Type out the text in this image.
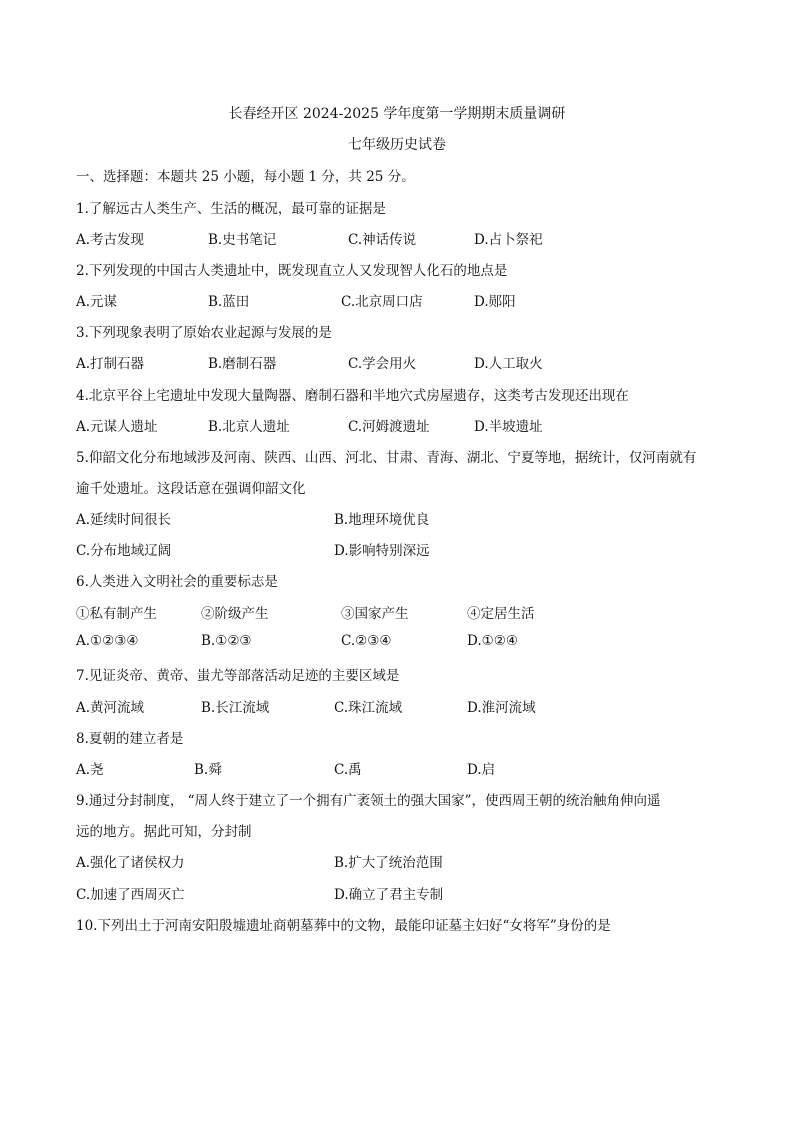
长春经开区 2024-2025 学年度第一学期期末质量调研
七年级历史试卷
一、选择题：本题共 25 小题，每小题 1 分，共 25 分。
1.了解远古人类生产、生活的概况，最可靠的证据是
A.考古发现	B.史书笔记	C.神话传说	D.占卜祭祀
2.下列发现的中国古人类遗址中，既发现直立人又发现智人化石的地点是
A.元谋	B.蓝田	C.北京周口店	D.郧阳
3.下列现象表明了原始农业起源与发展的是
A.打制石器	B.磨制石器	C.学会用火	D.人工取火
4.北京平谷上宅遗址中发现大量陶器、磨制石器和半地穴式房屋遗存，这类考古发现还出现在
A.元谋人遗址	B.北京人遗址	C.河姆渡遗址	D.半坡遗址
5.仰韶文化分布地域涉及河南、陕西、山西、河北、甘肃、青海、湖北、宁夏等地，据统计，仅河南就有
逾千处遗址。这段话意在强调仰韶文化
A.延续时间很长	B.地理环境优良
C.分布地域辽阔	D.影响特别深远
6.人类进入文明社会的重要标志是
①私有制产生	②阶级产生	③国家产生	④定居生活
A.①②③④	B.①②③	C.②③④	D.①②④
7.见证炎帝、黄帝、蚩尤等部落活动足迹的主要区域是
A.黄河流域	B.长江流域	C.珠江流域	D.淮河流域
8.夏朝的建立者是
A.尧	B.舜	C.禹	D.启
9.通过分封制度， “周人终于建立了一个拥有广袤领土的强大国家”，使西周王朝的统治触角伸向遥
远的地方。据此可知，分封制
A.强化了诸侯权力	B.扩大了统治范围
C.加速了西周灭亡	D.确立了君主专制
10.下列出土于河南安阳殷墟遗址商朝墓葬中的文物，最能印证墓主妇好“女将军”身份的是
